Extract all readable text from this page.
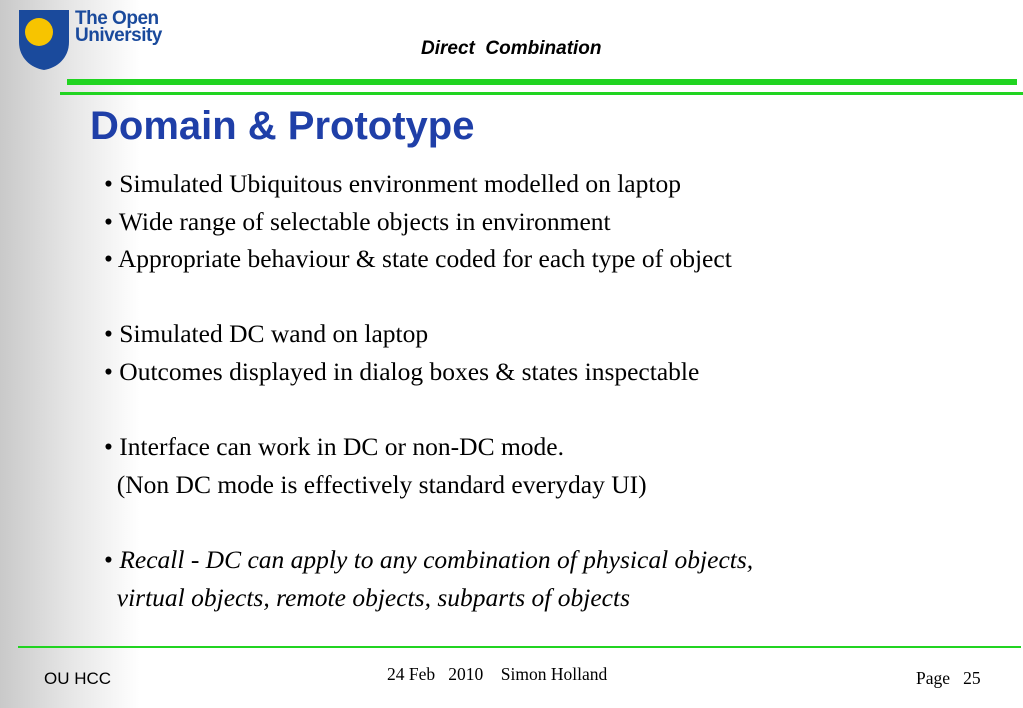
The Open
University
Direct  Combination
Domain & Prototype
• Simulated Ubiquitous environment modelled on laptop
• Wide range of selectable objects in environment
• Appropriate behaviour & state coded for each type of object
• Simulated DC wand on laptop
• Outcomes displayed in dialog boxes & states inspectable
• Interface can work in DC or non-DC mode.
(Non DC mode is effectively standard everyday UI)
• Recall - DC can apply to any combination of physical objects,
virtual objects, remote objects, subparts of objects
OU HCC	24 Feb   2010    Simon Holland	Page   25
